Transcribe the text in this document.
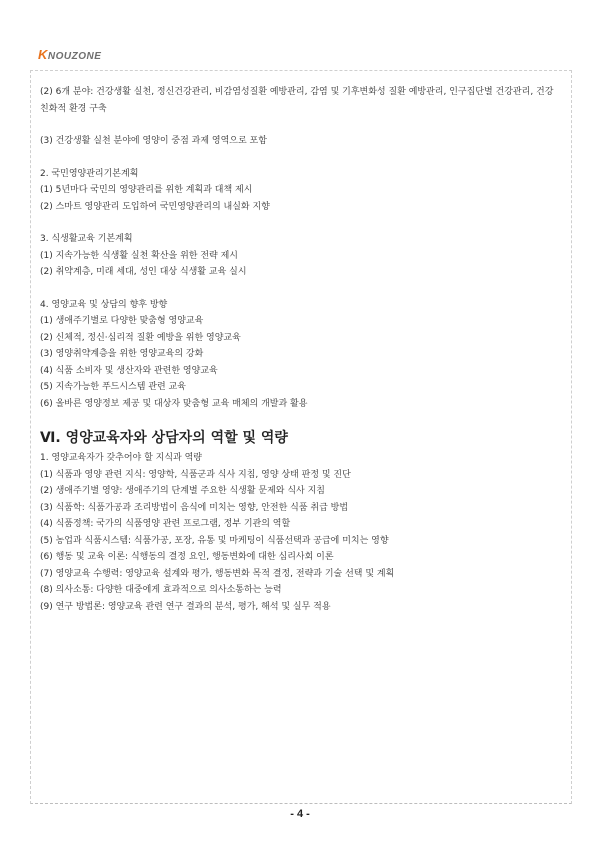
KNOUZONE
(2) 6개 분야: 건강생활 실천, 정신건강관리, 비감염성질환 예방관리, 감염 및 기후변화성 질환 예방관리, 인구집단별 건강관리, 건강 친화적 환경 구축
(3) 건강생활 실천 분야에 영양이 중점 과제 영역으로 포함
2. 국민영양관리기본계획
(1) 5년마다 국민의 영양관리를 위한 계획과 대책 제시
(2) 스마트 영양관리 도입하여 국민영양관리의 내실화 지향
3. 식생활교육 기본계획
(1) 지속가능한 식생활 실천 확산을 위한 전략 제시
(2) 취약계층, 미래 세대, 성인 대상 식생활 교육 실시
4. 영양교육 및 상담의 향후 방향
(1) 생애주기별로 다양한 맞춤형 영양교육
(2) 신체적, 정신·심리적 질환 예방을 위한 영양교육
(3) 영양취약계층을 위한 영양교육의 강화
(4) 식품 소비자 및 생산자와 관련한 영양교육
(5) 지속가능한 푸드시스템 관련 교육
(6) 올바른 영양정보 제공 및 대상자 맞춤형 교육 매체의 개발과 활용
Ⅵ. 영양교육자와 상담자의 역할 및 역량
1. 영양교육자가 갖추어야 할 지식과 역량
(1) 식품과 영양 관련 지식: 영양학, 식품군과 식사 지침, 영양 상태 판정 및 진단
(2) 생애주기별 영양: 생애주기의 단계별 주요한 식생활 문제와 식사 지침
(3) 식품학: 식품가공과 조리방법이 음식에 미치는 영향, 안전한 식품 취급 방법
(4) 식품정책: 국가의 식품영양 관련 프로그램, 정부 기관의 역할
(5) 농업과 식품시스템: 식품가공, 포장, 유통 및 마케팅이 식품선택과 공급에 미치는 영향
(6) 행동 및 교육 이론: 식행동의 결정 요인, 행동변화에 대한 심리사회 이론
(7) 영양교육 수행력: 영양교육 설계와 평가, 행동변화 목적 결정, 전략과 기술 선택 및 계획
(8) 의사소통: 다양한 대중에게 효과적으로 의사소통하는 능력
(9) 연구 방법론: 영양교육 관련 연구 결과의 분석, 평가, 해석 및 실무 적용
- 4 -
